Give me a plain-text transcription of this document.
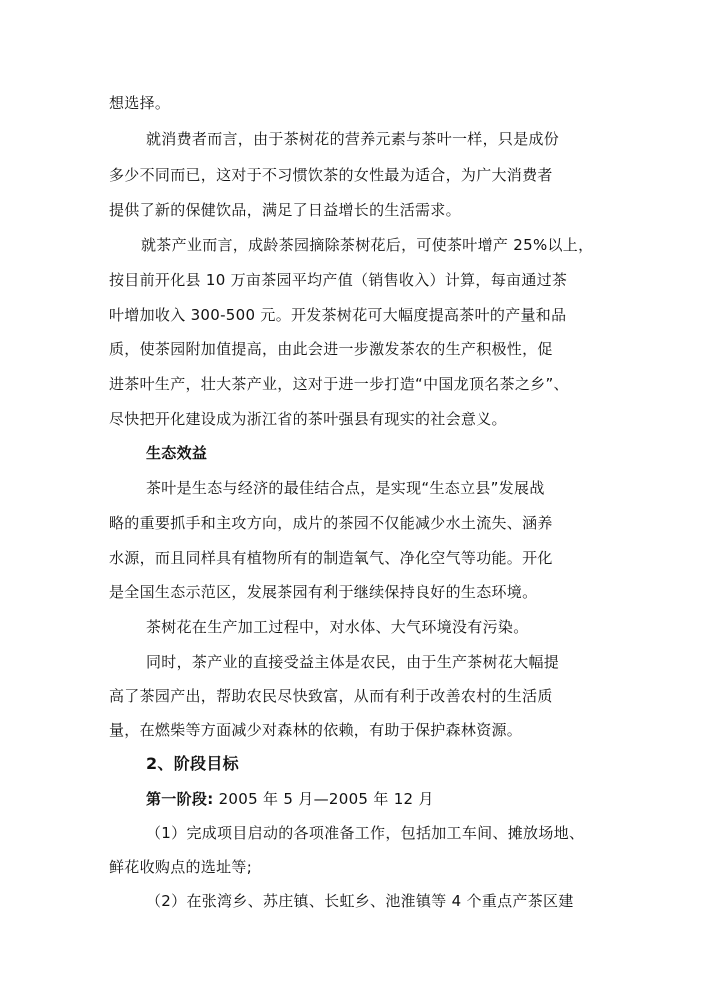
想选择。
就消费者而言，由于茶树花的营养元素与茶叶一样，只是成份
多少不同而已，这对于不习惯饮茶的女性最为适合，为广大消费者
提供了新的保健饮品，满足了日益增长的生活需求。
就茶产业而言，成龄茶园摘除茶树花后，可使茶叶增产 25%以上，
按目前开化县 10 万亩茶园平均产值（销售收入）计算，每亩通过茶
叶增加收入 300-500 元。开发茶树花可大幅度提高茶叶的产量和品
质，使茶园附加值提高，由此会进一步激发茶农的生产积极性，促
进茶叶生产，壮大茶产业，这对于进一步打造“中国龙顶名茶之乡”、
尽快把开化建设成为浙江省的茶叶强县有现实的社会意义。
生态效益
茶叶是生态与经济的最佳结合点，是实现“生态立县”发展战
略的重要抓手和主攻方向，成片的茶园不仅能减少水土流失、涵养
水源，而且同样具有植物所有的制造氧气、净化空气等功能。开化
是全国生态示范区，发展茶园有利于继续保持良好的生态环境。
茶树花在生产加工过程中，对水体、大气环境没有污染。
同时，茶产业的直接受益主体是农民，由于生产茶树花大幅提
高了茶园产出，帮助农民尽快致富，从而有利于改善农村的生活质
量，在燃柴等方面减少对森林的依赖，有助于保护森林资源。
2、阶段目标
第一阶段: 2005 年 5 月—2005 年 12 月
（1）完成项目启动的各项准备工作，包括加工车间、摊放场地、
鲜花收购点的选址等;
（2）在张湾乡、苏庄镇、长虹乡、池淮镇等 4 个重点产茶区建
